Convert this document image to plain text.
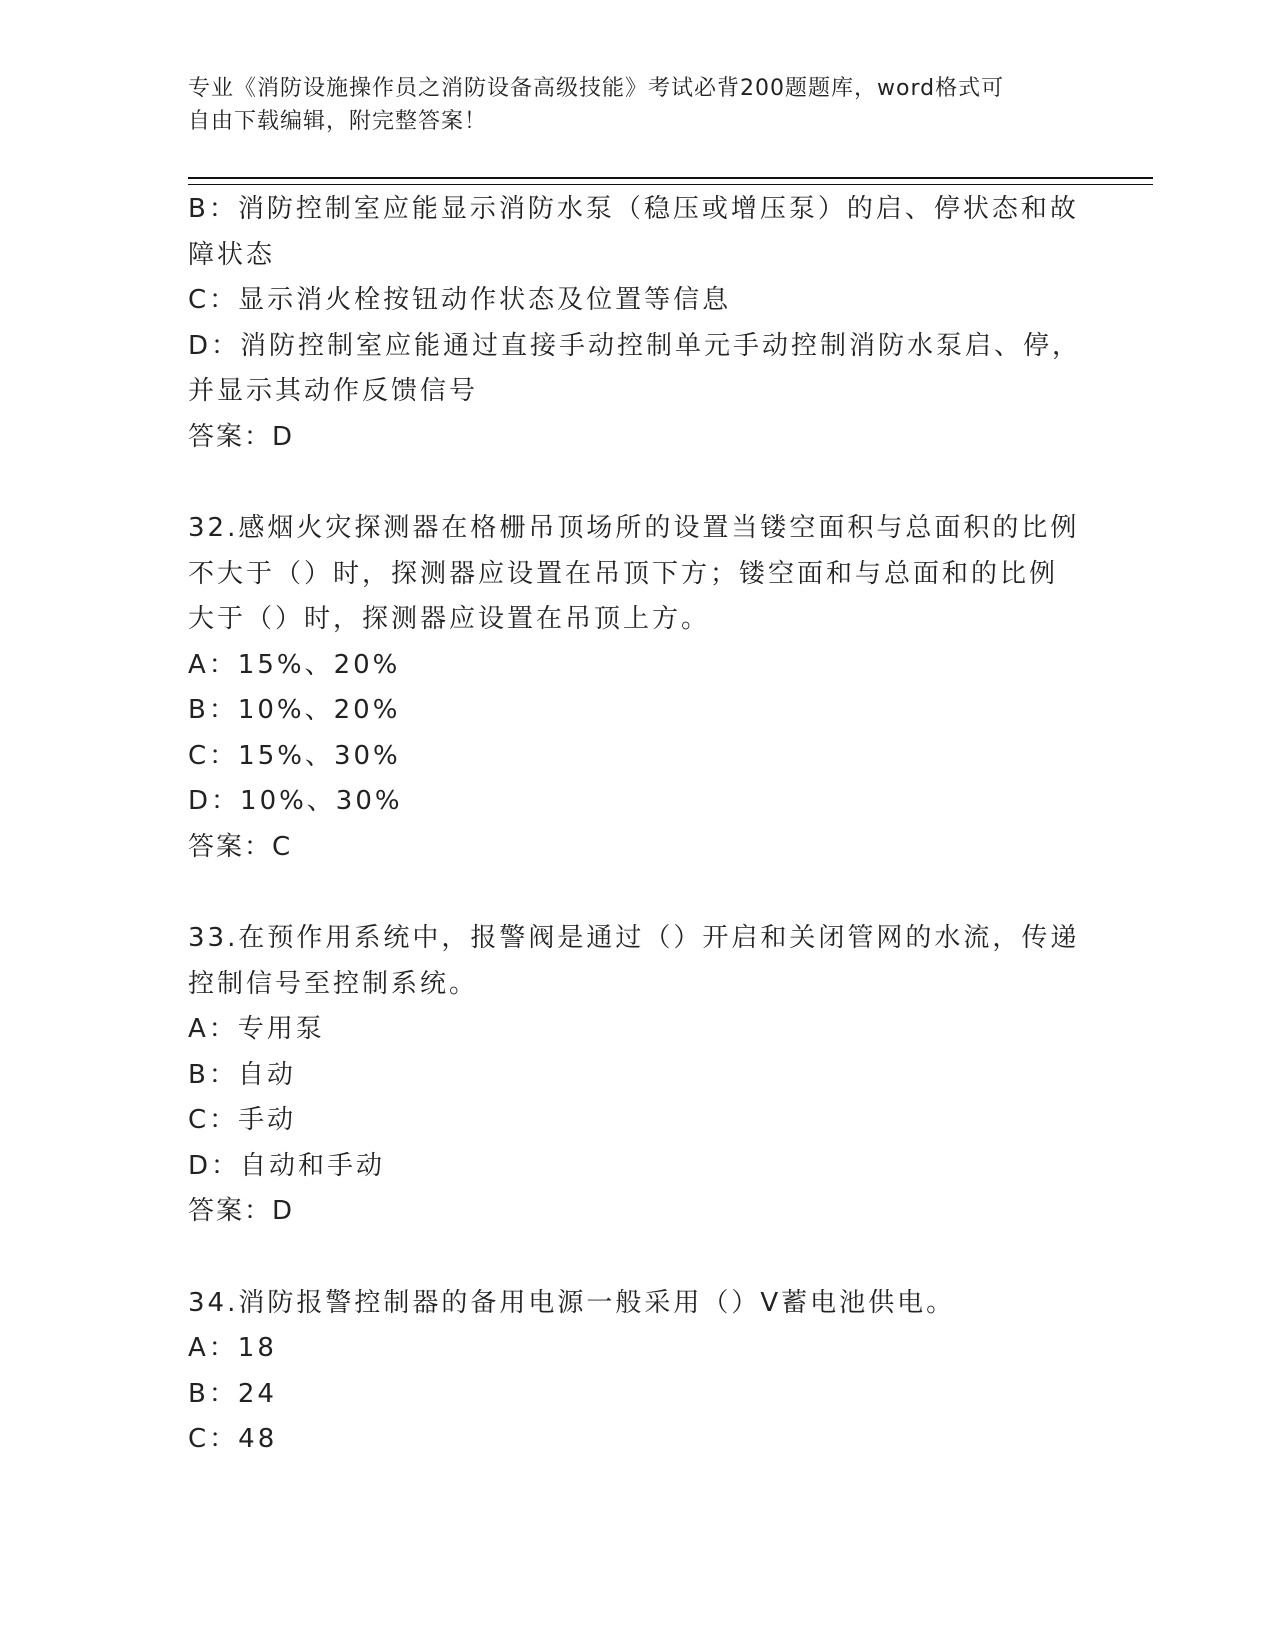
专业《消防设施操作员之消防设备高级技能》考试必背200题题库，word格式可
自由下载编辑，附完整答案！
B：消防控制室应能显示消防水泵（稳压或增压泵）的启、停状态和故
障状态
C：显示消火栓按钮动作状态及位置等信息
D：消防控制室应能通过直接手动控制单元手动控制消防水泵启、停，
并显示其动作反馈信号
答案：D
32.感烟火灾探测器在格栅吊顶场所的设置当镂空面积与总面积的比例
不大于（）时，探测器应设置在吊顶下方；镂空面和与总面和的比例
大于（）时，探测器应设置在吊顶上方。
A：15%、20%
B：10%、20%
C：15%、30%
D：10%、30%
答案：C
33.在预作用系统中，报警阀是通过（）开启和关闭管网的水流，传递
控制信号至控制系统。
A：专用泵
B：自动
C：手动
D：自动和手动
答案：D
34.消防报警控制器的备用电源一般采用（）V蓄电池供电。
A：18
B：24
C：48
